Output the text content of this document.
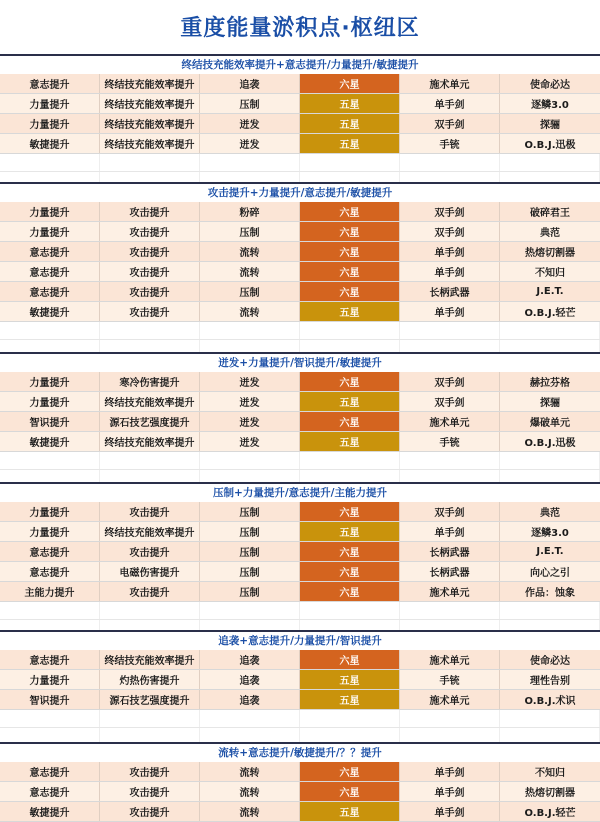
重度能量淤积点·枢纽区
终结技充能效率提升+意志提升/力量提升/敏捷提升
意志提升	终结技充能效率提升	追袭	六星	施术单元	使命必达
力量提升	终结技充能效率提升	压制	五星	单手剑	逐鳞3.0
力量提升	终结技充能效率提升	迸发	五星	双手剑	探骊
敏捷提升	终结技充能效率提升	迸发	五星	手铳	O.B.J.迅极
攻击提升+力量提升/意志提升/敏捷提升
力量提升	攻击提升	粉碎	六星	双手剑	破碎君王
力量提升	攻击提升	压制	六星	双手剑	典范
意志提升	攻击提升	流转	六星	单手剑	热熔切割器
意志提升	攻击提升	流转	六星	单手剑	不知归
意志提升	攻击提升	压制	六星	长柄武器	J.E.T.
敏捷提升	攻击提升	流转	五星	单手剑	O.B.J.轻芒
迸发+力量提升/智识提升/敏捷提升
力量提升	寒冷伤害提升	迸发	六星	双手剑	赫拉芬格
力量提升	终结技充能效率提升	迸发	五星	双手剑	探骊
智识提升	源石技艺强度提升	迸发	六星	施术单元	爆破单元
敏捷提升	终结技充能效率提升	迸发	五星	手铳	O.B.J.迅极
压制+力量提升/意志提升/主能力提升
力量提升	攻击提升	压制	六星	双手剑	典范
力量提升	终结技充能效率提升	压制	五星	单手剑	逐鳞3.0
意志提升	攻击提升	压制	六星	长柄武器	J.E.T.
意志提升	电磁伤害提升	压制	六星	长柄武器	向心之引
主能力提升	攻击提升	压制	六星	施术单元	作品：蚀象
追袭+意志提升/力量提升/智识提升
意志提升	终结技充能效率提升	追袭	六星	施术单元	使命必达
力量提升	灼热伤害提升	追袭	五星	手铳	理性告别
智识提升	源石技艺强度提升	追袭	五星	施术单元	O.B.J.术识
流转+意志提升/敏捷提升/？？提升
意志提升	攻击提升	流转	六星	单手剑	不知归
意志提升	攻击提升	流转	六星	单手剑	热熔切割器
敏捷提升	攻击提升	流转	五星	单手剑	O.B.J.轻芒
